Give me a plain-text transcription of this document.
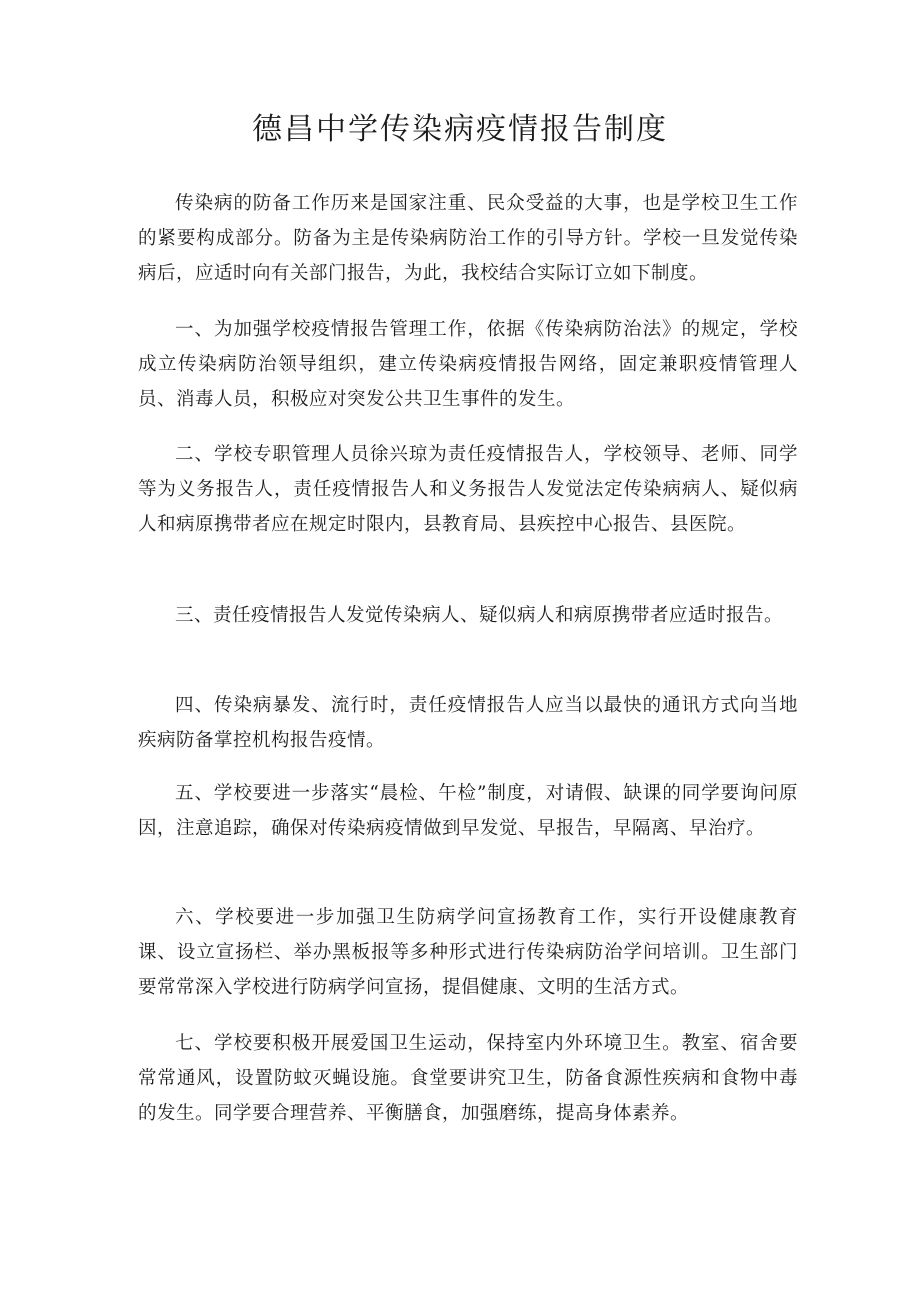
德昌中学传染病疫情报告制度

传染病的防备工作历来是国家注重、民众受益的大事，也是学校卫生工作的紧要构成部分。防备为主是传染病防治工作的引导方针。学校一旦发觉传染病后，应适时向有关部门报告，为此，我校结合实际订立如下制度。

一、为加强学校疫情报告管理工作，依据《传染病防治法》的规定，学校成立传染病防治领导组织，建立传染病疫情报告网络，固定兼职疫情管理人员、消毒人员，积极应对突发公共卫生事件的发生。

二、学校专职管理人员徐兴琼为责任疫情报告人，学校领导、老师、同学等为义务报告人，责任疫情报告人和义务报告人发觉法定传染病病人、疑似病人和病原携带者应在规定时限内，县教育局、县疾控中心报告、县医院。

三、责任疫情报告人发觉传染病人、疑似病人和病原携带者应适时报告。

四、传染病暴发、流行时，责任疫情报告人应当以最快的通讯方式向当地疾病防备掌控机构报告疫情。

五、学校要进一步落实“晨检、午检”制度，对请假、缺课的同学要询问原因，注意追踪，确保对传染病疫情做到早发觉、早报告，早隔离、早治疗。

六、学校要进一步加强卫生防病学问宣扬教育工作，实行开设健康教育课、设立宣扬栏、举办黑板报等多种形式进行传染病防治学问培训。卫生部门要常常深入学校进行防病学问宣扬，提倡健康、文明的生活方式。

七、学校要积极开展爱国卫生运动，保持室内外环境卫生。教室、宿舍要常常通风，设置防蚊灭蝇设施。食堂要讲究卫生，防备食源性疾病和食物中毒的发生。同学要合理营养、平衡膳食，加强磨练，提高身体素养。
